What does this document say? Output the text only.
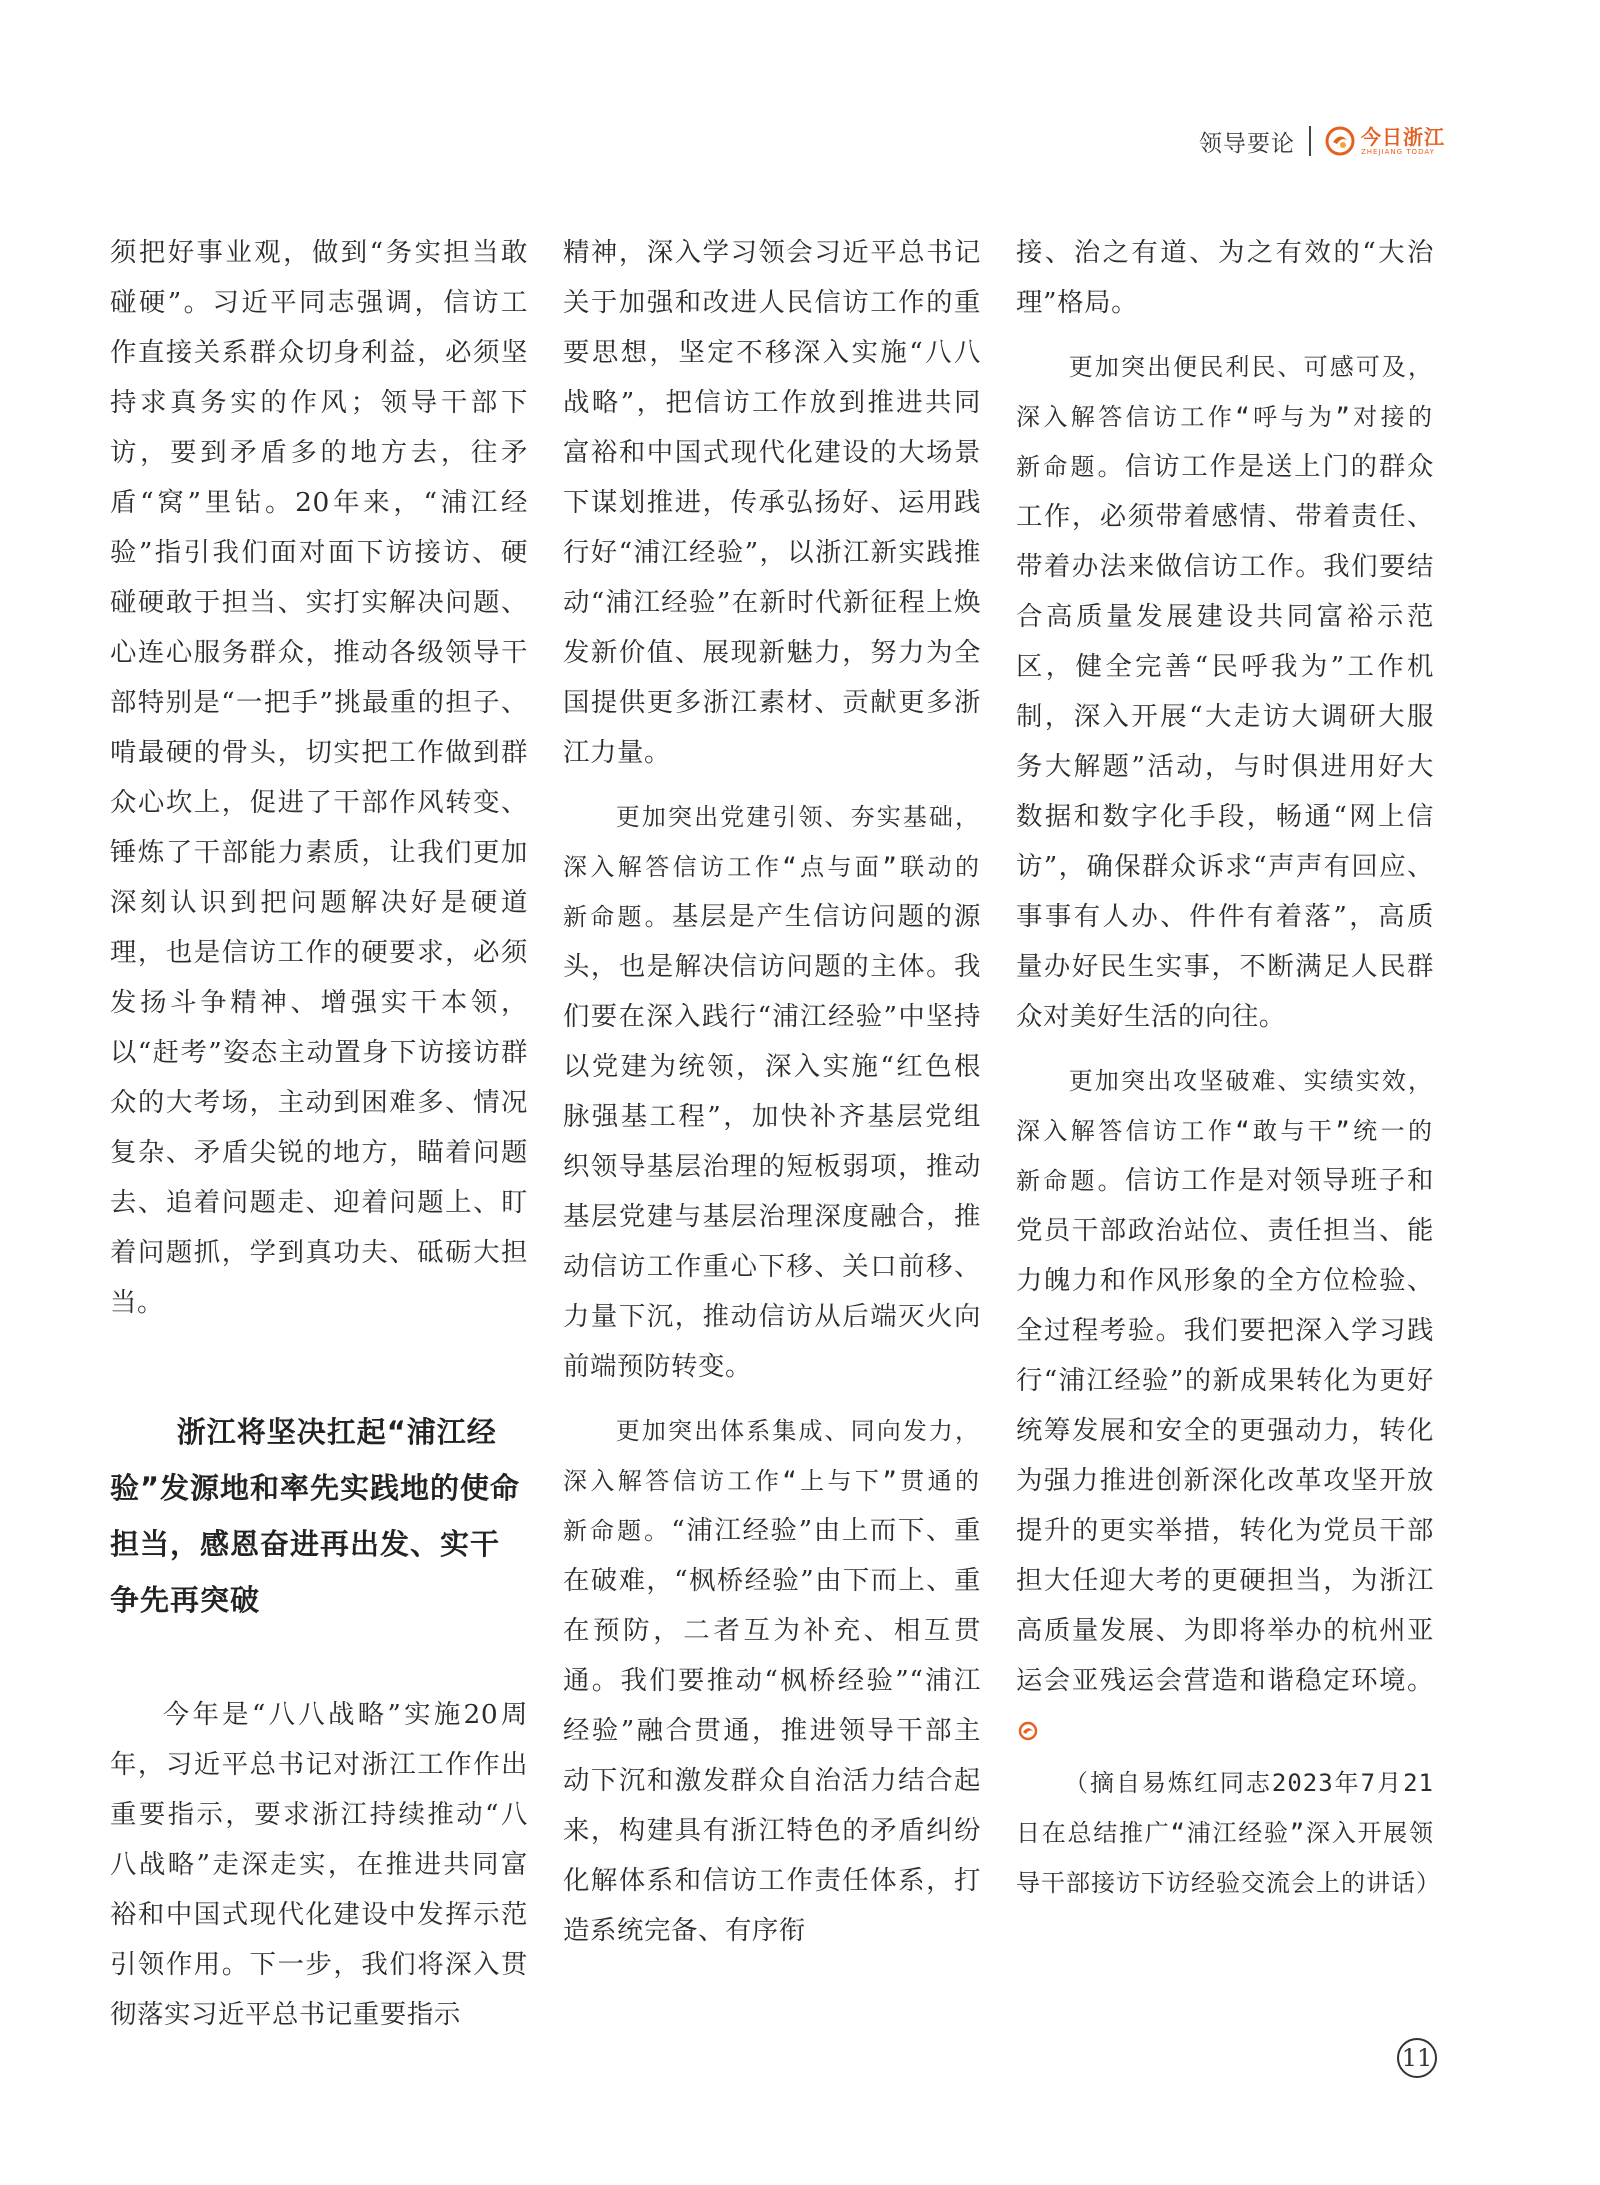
领导要论	今日浙江
ZHEJIANG TODAY

须把好事业观，做到“务实担当敢碰硬”。习近平同志强调，信访工作直接关系群众切身利益，必须坚持求真务实的作风；领导干部下访，要到矛盾多的地方去，往矛盾“窝”里钻。20年来，“浦江经验”指引我们面对面下访接访、硬碰硬敢于担当、实打实解决问题、心连心服务群众，推动各级领导干部特别是“一把手”挑最重的担子、啃最硬的骨头，切实把工作做到群众心坎上，促进了干部作风转变、锤炼了干部能力素质，让我们更加深刻认识到把问题解决好是硬道理，也是信访工作的硬要求，必须发扬斗争精神、增强实干本领，以“赶考”姿态主动置身下访接访群众的大考场，主动到困难多、情况复杂、矛盾尖锐的地方，瞄着问题去、追着问题走、迎着问题上、盯着问题抓，学到真功夫、砥砺大担当。

浙江将坚决扛起“浦江经验”发源地和率先实践地的使命担当，感恩奋进再出发、实干争先再突破

今年是“八八战略”实施20周年，习近平总书记对浙江工作作出重要指示，要求浙江持续推动“八八战略”走深走实，在推进共同富裕和中国式现代化建设中发挥示范引领作用。下一步，我们将深入贯彻落实习近平总书记重要指示

精神，深入学习领会习近平总书记关于加强和改进人民信访工作的重要思想，坚定不移深入实施“八八战略”，把信访工作放到推进共同富裕和中国式现代化建设的大场景下谋划推进，传承弘扬好、运用践行好“浦江经验”，以浙江新实践推动“浦江经验”在新时代新征程上焕发新价值、展现新魅力，努力为全国提供更多浙江素材、贡献更多浙江力量。

更加突出党建引领、夯实基础，深入解答信访工作“点与面”联动的新命题。基层是产生信访问题的源头，也是解决信访问题的主体。我们要在深入践行“浦江经验”中坚持以党建为统领，深入实施“红色根脉强基工程”，加快补齐基层党组织领导基层治理的短板弱项，推动基层党建与基层治理深度融合，推动信访工作重心下移、关口前移、力量下沉，推动信访从后端灭火向前端预防转变。

更加突出体系集成、同向发力，深入解答信访工作“上与下”贯通的新命题。“浦江经验”由上而下、重在破难，“枫桥经验”由下而上、重在预防，二者互为补充、相互贯通。我们要推动“枫桥经验”“浦江经验”融合贯通，推进领导干部主动下沉和激发群众自治活力结合起来，构建具有浙江特色的矛盾纠纷化解体系和信访工作责任体系，打造系统完备、有序衔

接、治之有道、为之有效的“大治理”格局。

更加突出便民利民、可感可及，深入解答信访工作“呼与为”对接的新命题。信访工作是送上门的群众工作，必须带着感情、带着责任、带着办法来做信访工作。我们要结合高质量发展建设共同富裕示范区，健全完善“民呼我为”工作机制，深入开展“大走访大调研大服务大解题”活动，与时俱进用好大数据和数字化手段，畅通“网上信访”，确保群众诉求“声声有回应、事事有人办、件件有着落”，高质量办好民生实事，不断满足人民群众对美好生活的向往。

更加突出攻坚破难、实绩实效，深入解答信访工作“敢与干”统一的新命题。信访工作是对领导班子和党员干部政治站位、责任担当、能力魄力和作风形象的全方位检验、全过程考验。我们要把深入学习践行“浦江经验”的新成果转化为更好统筹发展和安全的更强动力，转化为强力推进创新深化改革攻坚开放提升的更实举措，转化为党员干部担大任迎大考的更硬担当，为浙江高质量发展、为即将举办的杭州亚运会亚残运会营造和谐稳定环境。

（摘自易炼红同志2023年7月21日在总结推广“浦江经验”深入开展领导干部接访下访经验交流会上的讲话）

11
